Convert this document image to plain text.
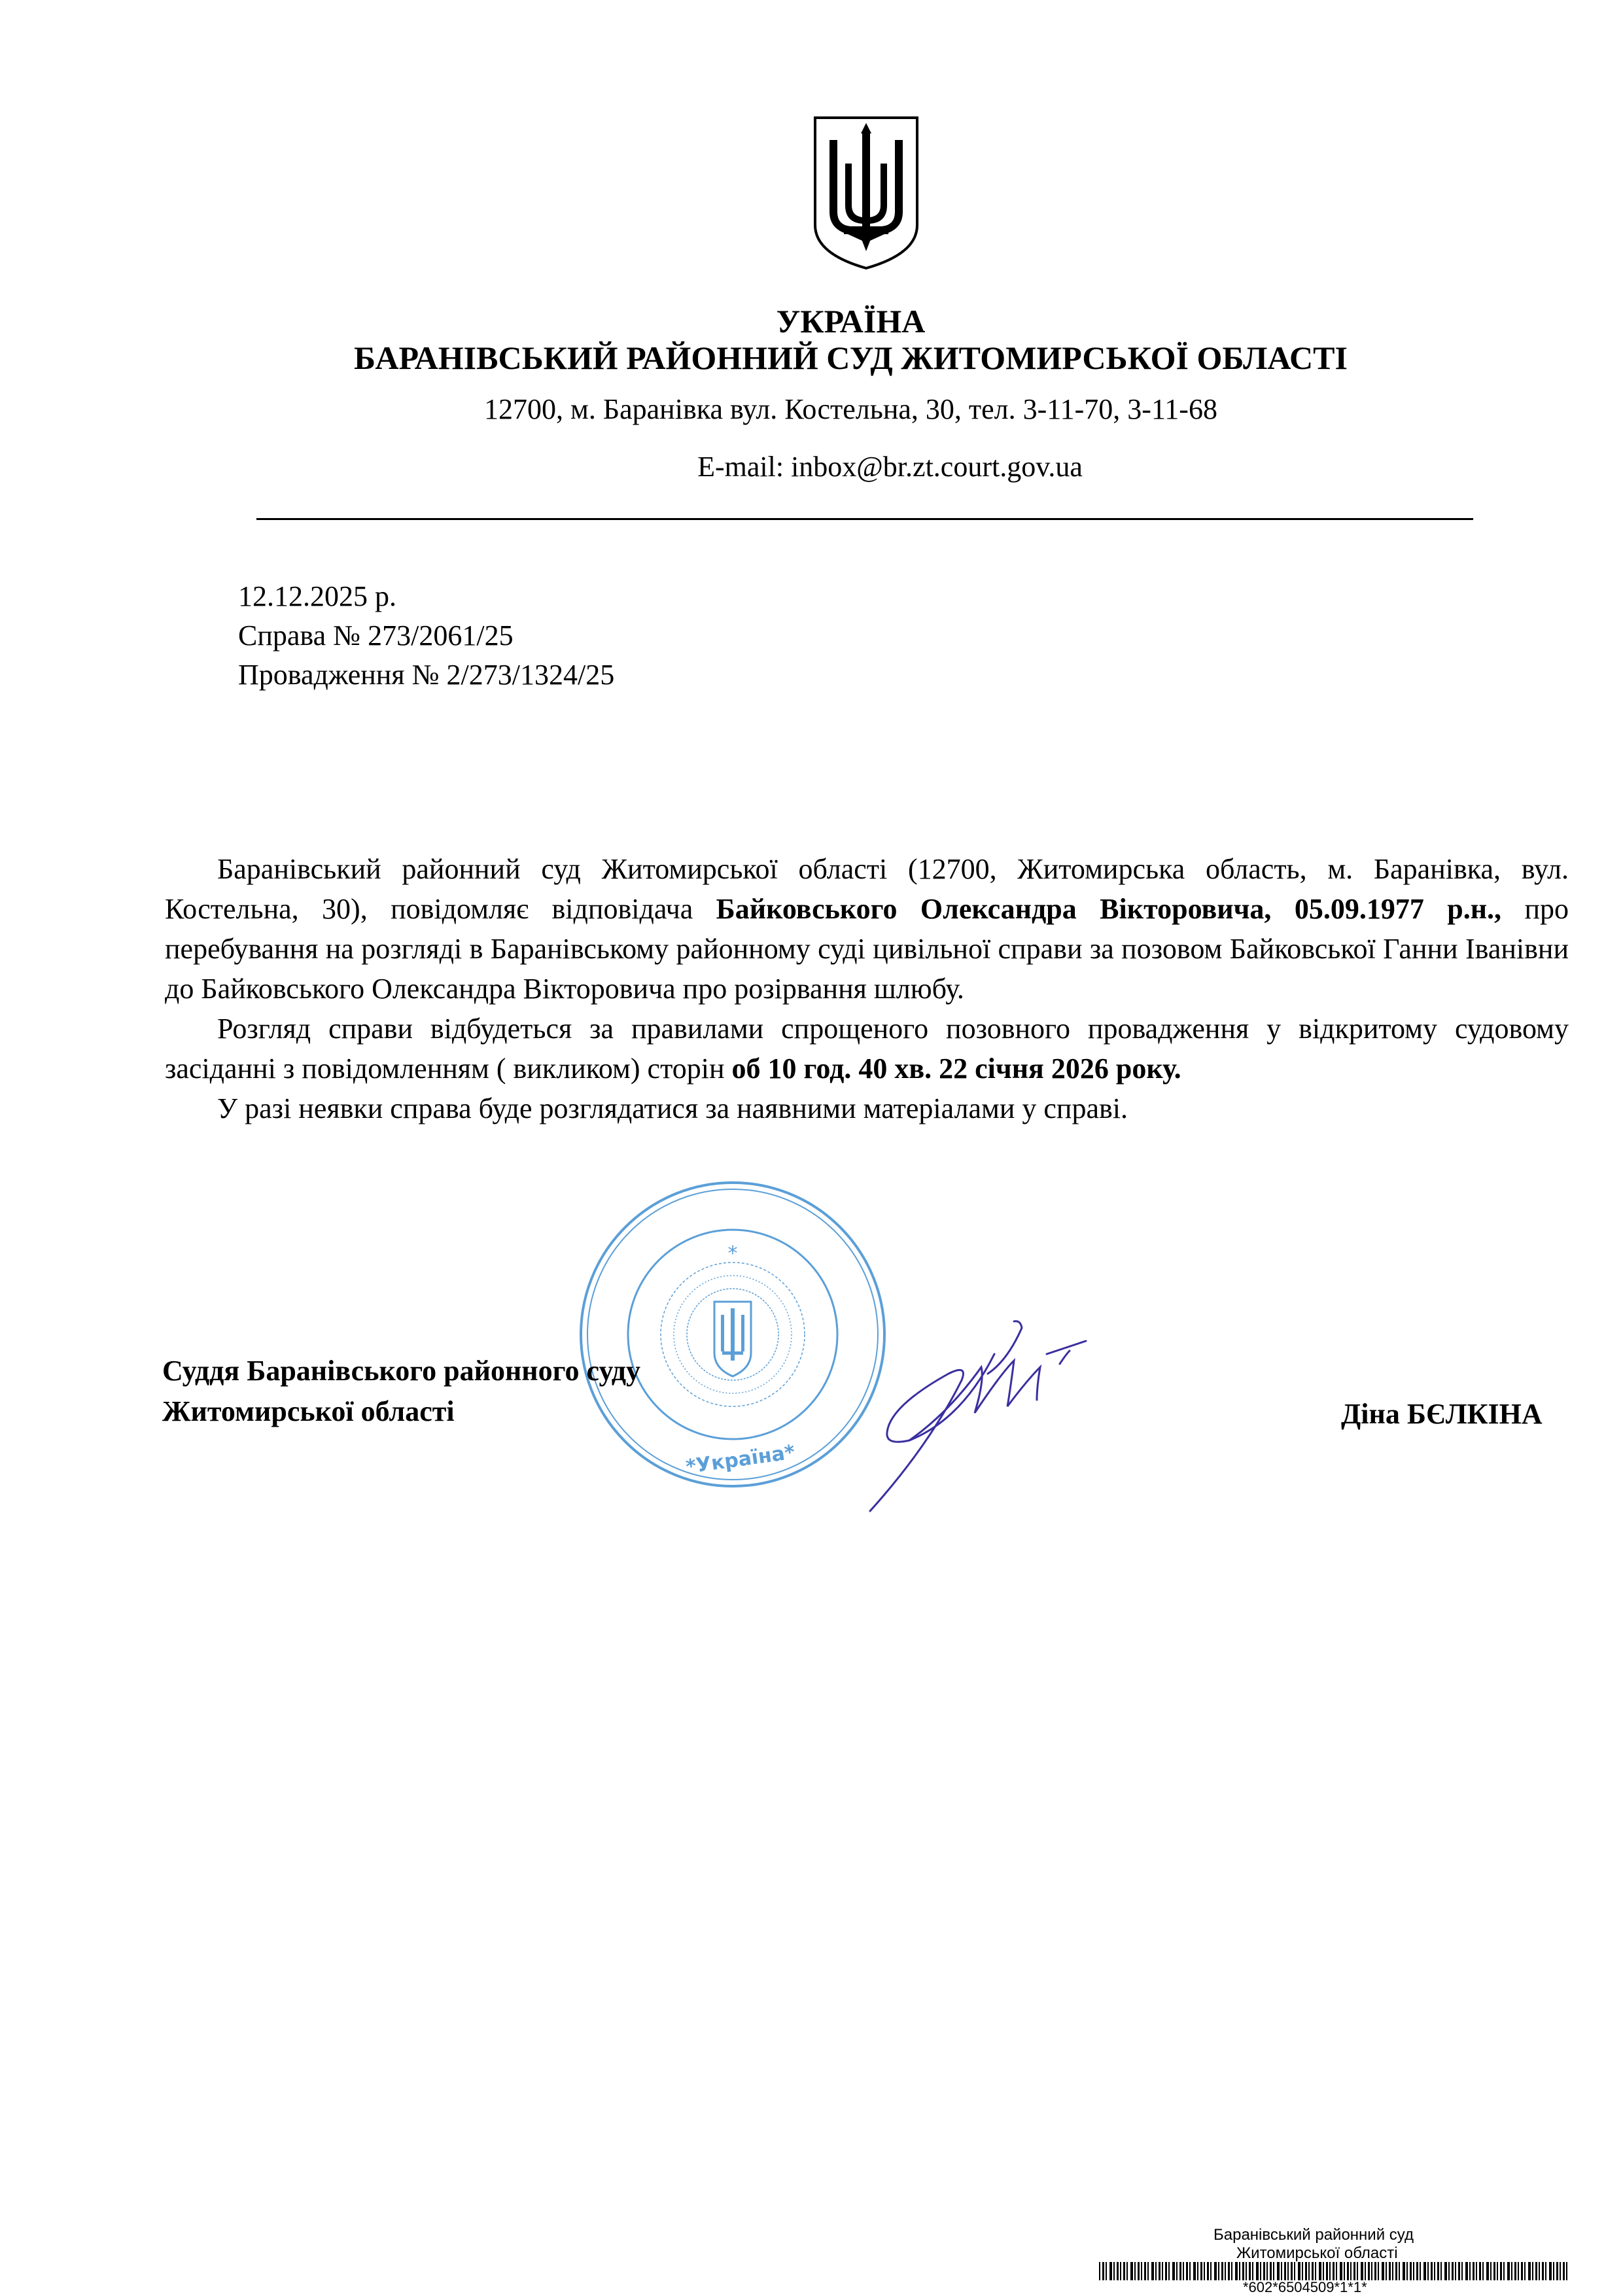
УКРАЇНА
БАРАНІВСЬКИЙ РАЙОННИЙ СУД ЖИТОМИРСЬКОЇ ОБЛАСТІ
12700, м. Баранівка вул. Костельна, 30, тел. 3-11-70, 3-11-68
E-mail: inbox@br.zt.court.gov.ua
12.12.2025 р.
Справа № 273/2061/25
Провадження № 2/273/1324/25

Баранівський районний суд Житомирської області (12700, Житомирська область, м. Баранівка, вул. Костельна, 30), повідомляє відповідача Байковського Олександра Вікторовича, 05.09.1977 р.н., про перебування на розгляді в Баранівському районному суді цивільної справи за позовом Байковської Ганни Іванівни до Байковського Олександра Вікторовича про розірвання шлюбу.

Розгляд справи відбудеться за правилами спрощеного позовного провадження у відкритому судовому засіданні з повідомленням ( викликом) сторін об 10 год. 40 хв. 22 січня 2026 року.

У разі неявки справа буде розглядатися за наявними матеріалами у справі.

*
*Україна*
Суддя Баранівського районного суду
Житомирської області	Діна БЄЛКІНА
Баранівський районний суд
Житомирської області
*602*6504509*1*1*
